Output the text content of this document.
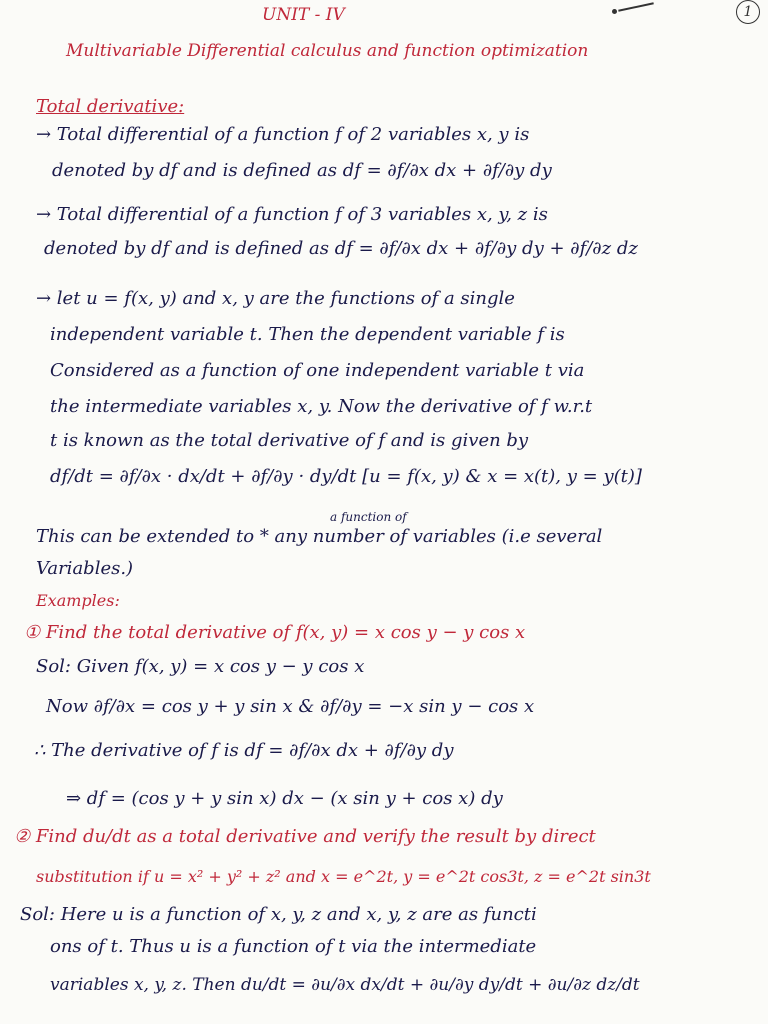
1
UNIT - IV
Multivariable Differential calculus and function optimization
Total derivative:
→ Total differential of a function f of 2 variables x, y is
denoted by df and is defined as df = ∂f/∂x dx + ∂f/∂y dy
→ Total differential of a function f of 3 variables x, y, z is
denoted by df and is defined as df = ∂f/∂x dx + ∂f/∂y dy + ∂f/∂z dz
→ let u = f(x, y) and x, y are the functions of a single
independent variable t. Then the dependent variable f is
Considered as a function of one independent variable t via
the intermediate variables x, y. Now the derivative of f w.r.t
t is known as the total derivative of f and is given by
df/dt = ∂f/∂x · dx/dt + ∂f/∂y · dy/dt [u = f(x, y) & x = x(t), y = y(t)]
a function of
This can be extended to * any number of variables (i.e several
Variables.)
Examples:
① Find the total derivative of f(x, y) = x cos y − y cos x
Sol: Given f(x, y) = x cos y − y cos x
Now ∂f/∂x = cos y + y sin x & ∂f/∂y = −x sin y − cos x
∴ The derivative of f is df = ∂f/∂x dx + ∂f/∂y dy
⇒ df = (cos y + y sin x) dx − (x sin y + cos x) dy
② Find du/dt as a total derivative and verify the result by direct
substitution if u = x² + y² + z² and x = e^2t, y = e^2t cos3t, z = e^2t sin3t
Sol: Here u is a function of x, y, z and x, y, z are as functi
ons of t. Thus u is a function of t via the intermediate
variables x, y, z. Then du/dt = ∂u/∂x dx/dt + ∂u/∂y dy/dt + ∂u/∂z dz/dt
